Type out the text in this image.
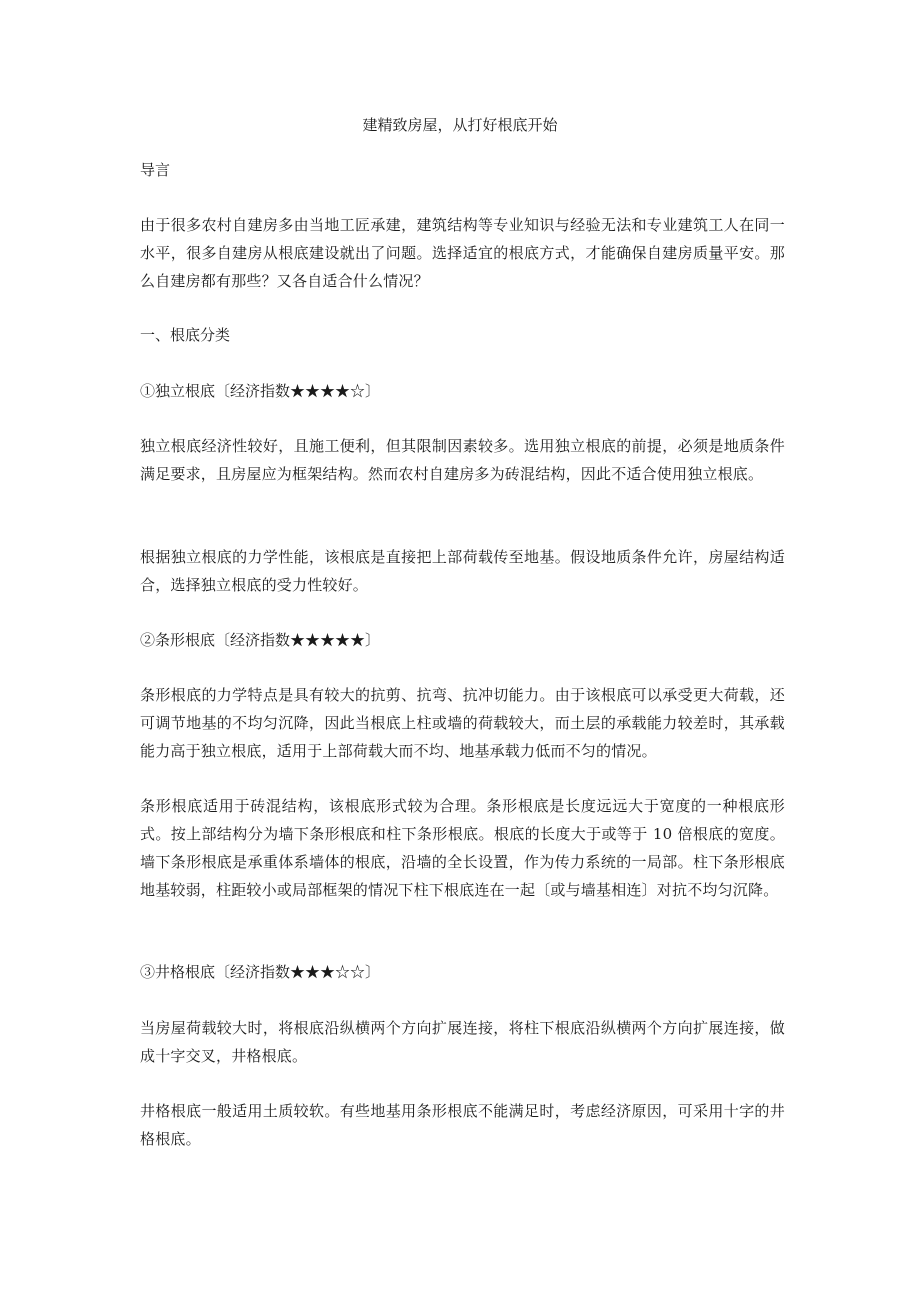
建精致房屋，从打好根底开始

导言

由于很多农村自建房多由当地工匠承建，建筑结构等专业知识与经验无法和专业建筑工人在同一水平，很多自建房从根底建设就出了问题。选择适宜的根底方式，才能确保自建房质量平安。那么自建房都有那些？又各自适合什么情况？

一、根底分类

①独立根底〔经济指数★★★★☆〕

独立根底经济性较好，且施工便利，但其限制因素较多。选用独立根底的前提，必须是地质条件满足要求，且房屋应为框架结构。然而农村自建房多为砖混结构，因此不适合使用独立根底。

根据独立根底的力学性能，该根底是直接把上部荷载传至地基。假设地质条件允许，房屋结构适合，选择独立根底的受力性较好。

②条形根底〔经济指数★★★★★〕

条形根底的力学特点是具有较大的抗剪、抗弯、抗冲切能力。由于该根底可以承受更大荷载，还可调节地基的不均匀沉降，因此当根底上柱或墙的荷载较大，而土层的承载能力较差时，其承载能力高于独立根底，适用于上部荷载大而不均、地基承载力低而不匀的情况。

条形根底适用于砖混结构，该根底形式较为合理。条形根底是长度远远大于宽度的一种根底形式。按上部结构分为墙下条形根底和柱下条形根底。根底的长度大于或等于 10 倍根底的宽度。墙下条形根底是承重体系墙体的根底，沿墙的全长设置，作为传力系统的一局部。柱下条形根底地基较弱，柱距较小或局部框架的情况下柱下根底连在一起〔或与墙基相连〕对抗不均匀沉降。

③井格根底〔经济指数★★★☆☆〕

当房屋荷载较大时，将根底沿纵横两个方向扩展连接，将柱下根底沿纵横两个方向扩展连接，做成十字交叉，井格根底。

井格根底一般适用土质较软。有些地基用条形根底不能满足时，考虑经济原因，可采用十字的井格根底。
